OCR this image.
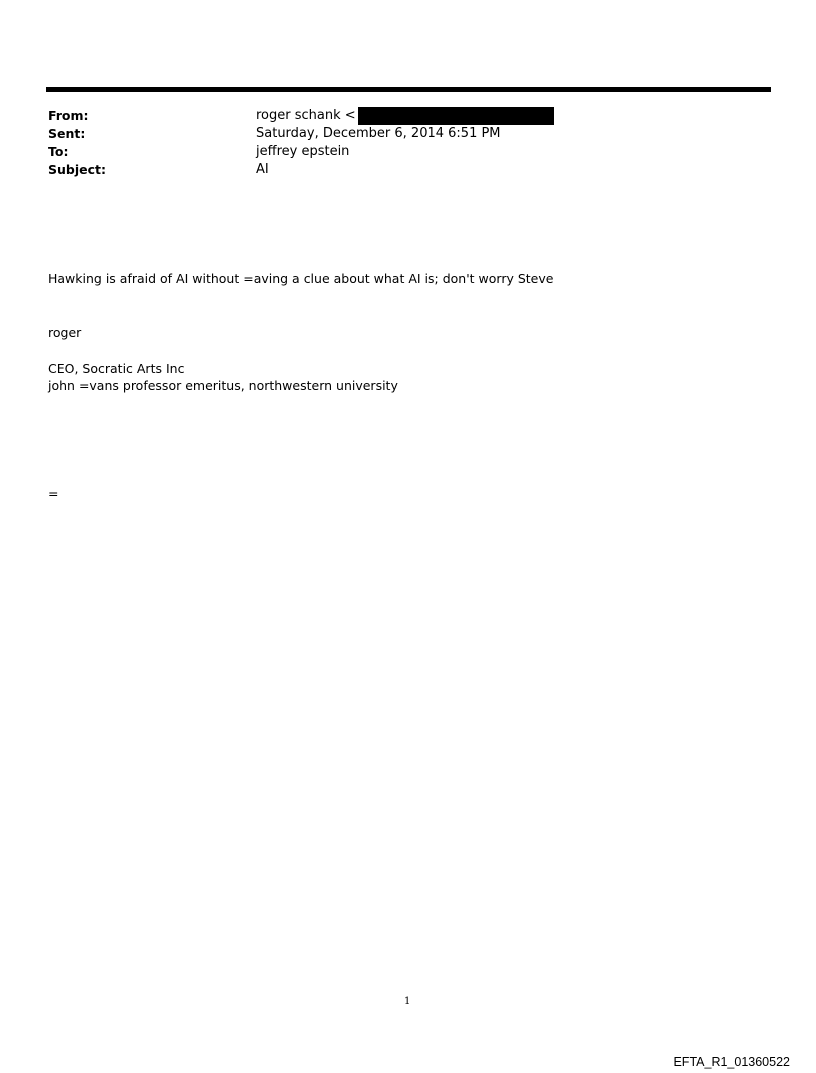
From:	roger schank <
Sent:	Saturday, December 6, 2014 6:51 PM
To:	jeffrey epstein
Subject:	AI
Hawking is afraid of AI without =aving a clue about what AI is; don't worry Steve
roger
CEO, Socratic Arts Inc
john =vans professor emeritus, northwestern university
=
1
EFTA_R1_01360522
